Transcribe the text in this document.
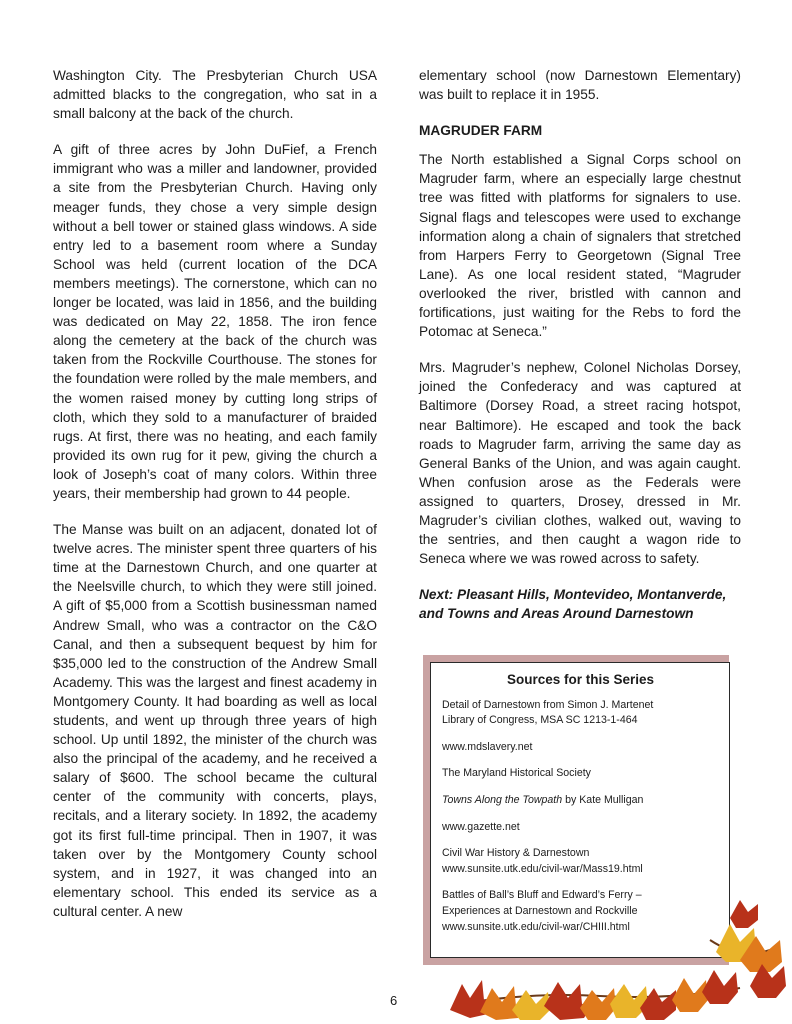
Washington City. The Presbyterian Church USA admitted blacks to the congregation, who sat in a small balcony at the back of the church.

A gift of three acres by John DuFief, a French immigrant who was a miller and landowner, provided a site from the Presbyterian Church. Having only meager funds, they chose a very simple design without a bell tower or stained glass windows. A side entry led to a basement room where a Sunday School was held (current location of the DCA members meetings). The cornerstone, which can no longer be located, was laid in 1856, and the building was dedicated on May 22, 1858. The iron fence along the cemetery at the back of the church was taken from the Rockville Courthouse. The stones for the foundation were rolled by the male members, and the women raised money by cutting long strips of cloth, which they sold to a manufacturer of braided rugs. At first, there was no heating, and each family provided its own rug for it pew, giving the church a look of Joseph’s coat of many colors. Within three years, their membership had grown to 44 people.

The Manse was built on an adjacent, donated lot of twelve acres. The minister spent three quarters of his time at the Darnestown Church, and one quarter at the Neelsville church, to which they were still joined. A gift of $5,000 from a Scottish businessman named Andrew Small, who was a contractor on the C&O Canal, and then a subsequent bequest by him for $35,000 led to the construction of the Andrew Small Academy. This was the largest and finest academy in Montgomery County. It had boarding as well as local students, and went up through three years of high school. Up until 1892, the minister of the church was also the principal of the academy, and he received a salary of $600. The school became the cultural center of the community with concerts, plays, recitals, and a literary society. In 1892, the academy got its first full-time principal. Then in 1907, it was taken over by the Montgomery County school system, and in 1927, it was changed into an elementary school. This ended its service as a cultural center. A new

elementary school (now Darnestown Elementary) was built to replace it in 1955.

MAGRUDER FARM

The North established a Signal Corps school on Magruder farm, where an especially large chestnut tree was fitted with platforms for signalers to use. Signal flags and telescopes were used to exchange information along a chain of signalers that stretched from Harpers Ferry to Georgetown (Signal Tree Lane). As one local resident stated, “Magruder overlooked the river, bristled with cannon and fortifications, just waiting for the Rebs to ford the Potomac at Seneca.”

Mrs. Magruder’s nephew, Colonel Nicholas Dorsey, joined the Confederacy and was captured at Baltimore (Dorsey Road, a street racing hotspot, near Baltimore). He escaped and took the back roads to Magruder farm, arriving the same day as General Banks of the Union, and was again caught. When confusion arose as the Federals were assigned to quarters, Drosey, dressed in Mr. Magruder’s civilian clothes, walked out, waving to the sentries, and then caught a wagon ride to Seneca where we was rowed across to safety.

Next: Pleasant Hills, Montevideo, Montanverde, and Towns and Areas Around Darnestown

Sources for this Series
Detail of Darnestown from Simon J. Martenet
Library of Congress, MSA SC 1213-1-464
www.mdslavery.net
The Maryland Historical Society
Towns Along the Towpath by Kate Mulligan
www.gazette.net
Civil War History & Darnestown
www.sunsite.utk.edu/civil-war/Mass19.html
Battles of Ball’s Bluff and Edward’s Ferry –
Experiences at Darnestown and Rockville
www.sunsite.utk.edu/civil-war/CHIII.html
6
